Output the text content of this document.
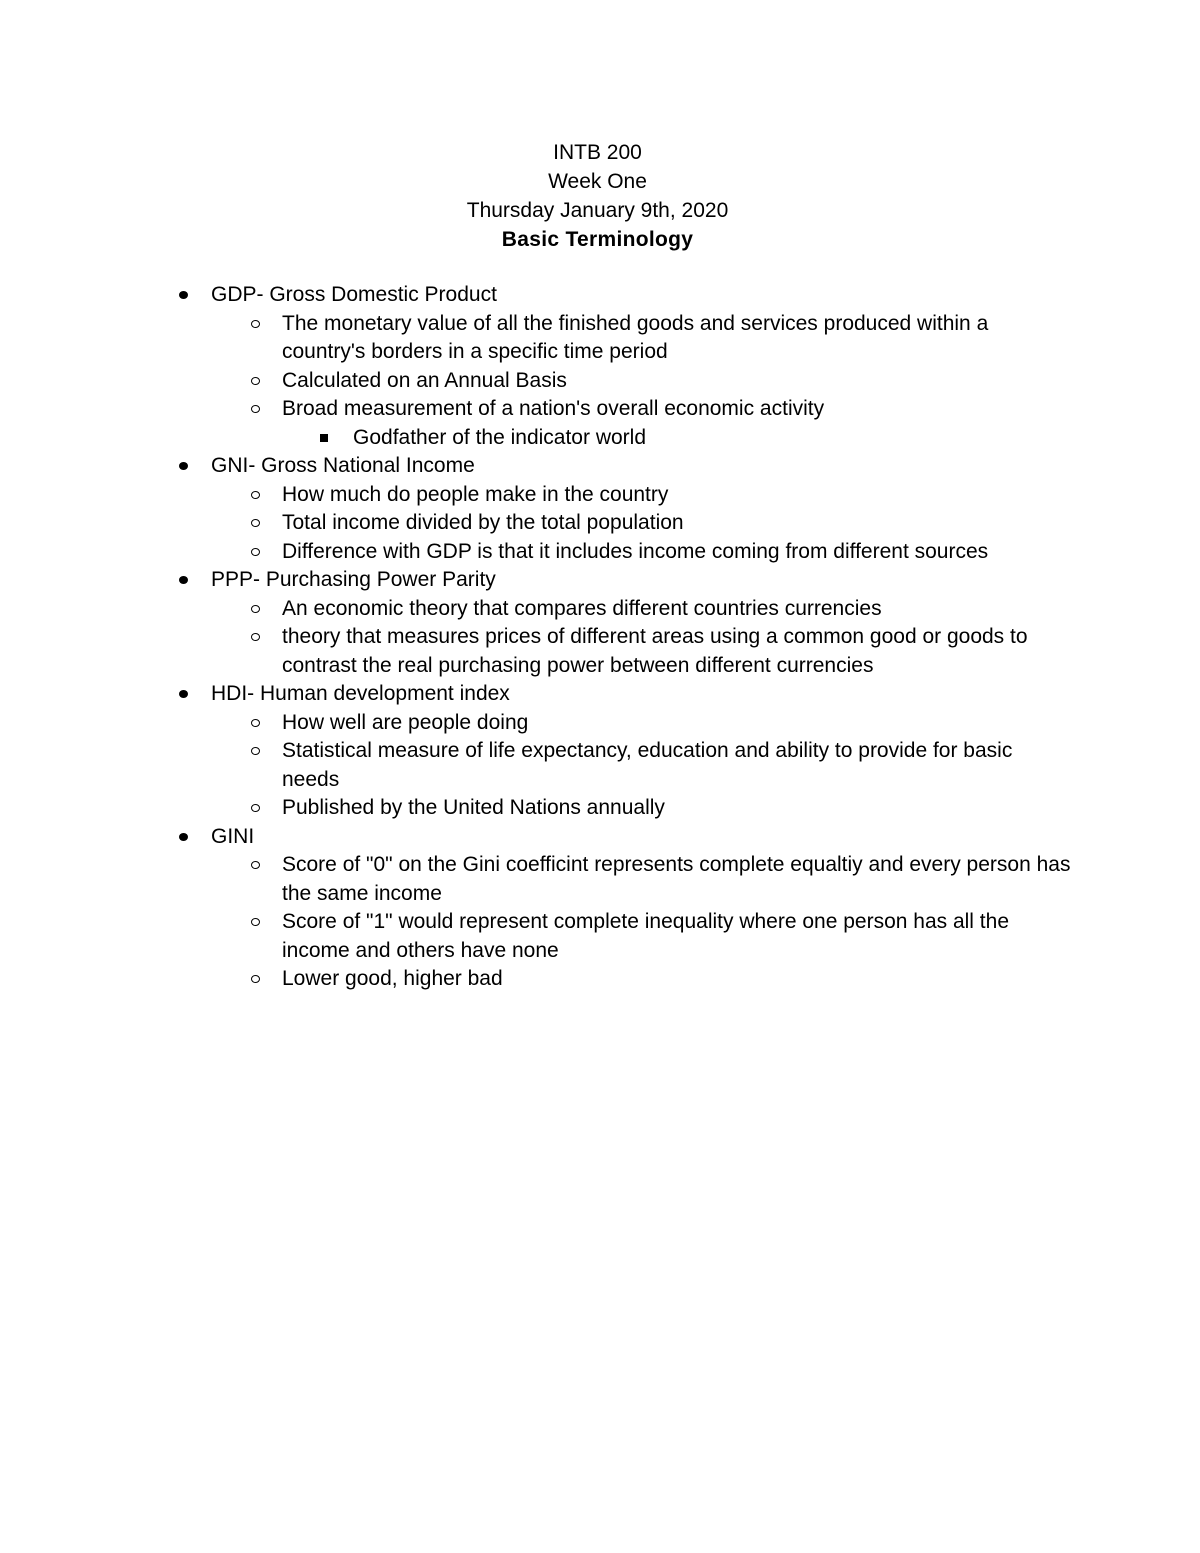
INTB 200
Week One
Thursday January 9th, 2020
Basic Terminology
GDP- Gross Domestic Product
The monetary value of all the finished goods and services produced within a country's borders in a specific time period
Calculated on an Annual Basis
Broad measurement of a nation's overall economic activity
Godfather of the indicator world
GNI- Gross National Income
How much do people make in the country
Total income divided by the total population
Difference with GDP is that it includes income coming from different sources
PPP- Purchasing Power Parity
An economic theory that compares different countries currencies
theory that measures prices of different areas using a common good or goods to contrast the real purchasing power between different currencies
HDI- Human development index
How well are people doing
Statistical measure of life expectancy, education and ability to provide for basic needs
Published by the United Nations annually
GINI
Score of "0" on the Gini coefficint represents complete equaltiy and every person has the same income
Score of "1" would represent complete inequality where one person has all the income and others have none
Lower good, higher bad
